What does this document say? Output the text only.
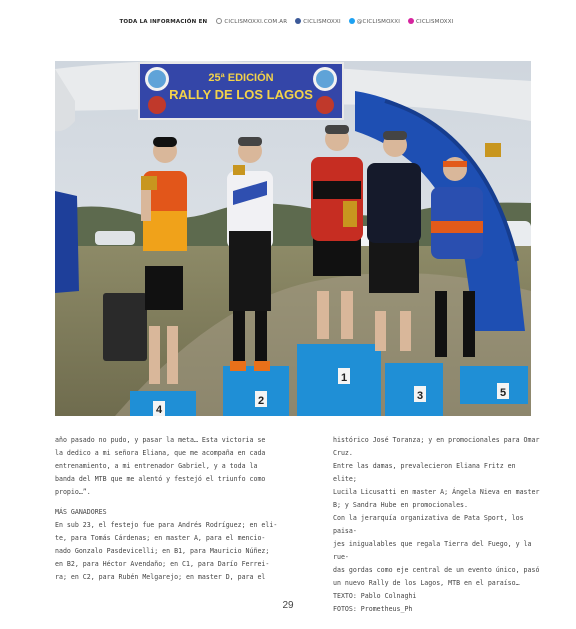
TODA LA INFORMACIÓN EN	CICLISMOXXI.COM.AR	CICLISMOXXI	@CICLISMOXXI	CICLISMOXXI
25ª EDICIÓN
RALLY DE LOS LAGOS
1
2	3
4
5

año pasado no pudo, y pasar la meta… Esta victoria se

la dedico a mi señora Eliana, que me acompaña en cada

entrenamiento, a mi entrenador Gabriel, y a toda la

banda del MTB que me alentó y festejó el triunfo como

propio…”.

MÁS GANADORES

En sub 23, el festejo fue para Andrés Rodríguez; en eli-

te, para Tomás Cárdenas; en master A, para el mencio-

nado Gonzalo Pasdevicelli; en B1, para Mauricio Núñez;

en B2, para Héctor Avendaño; en C1, para Darío Ferrei-

ra; en C2, para Rubén Melgarejo; en master D, para el

histórico José Toranza; y en promocionales para Omar

Cruz.

Entre las damas, prevalecieron Eliana Fritz en elite;

Lucila Licusatti en master A; Ángela Nieva en master

B; y Sandra Hube en promocionales.

Con la jerarquía organizativa de Pata Sport, los paisa-

jes inigualables que regala Tierra del Fuego, y la rue-

das gordas como eje central de un evento único, pasó

un nuevo Rally de los Lagos, MTB en el paraíso…

TEXTO: Pablo Colnaghi

FOTOS: Prometheus_Ph

29
